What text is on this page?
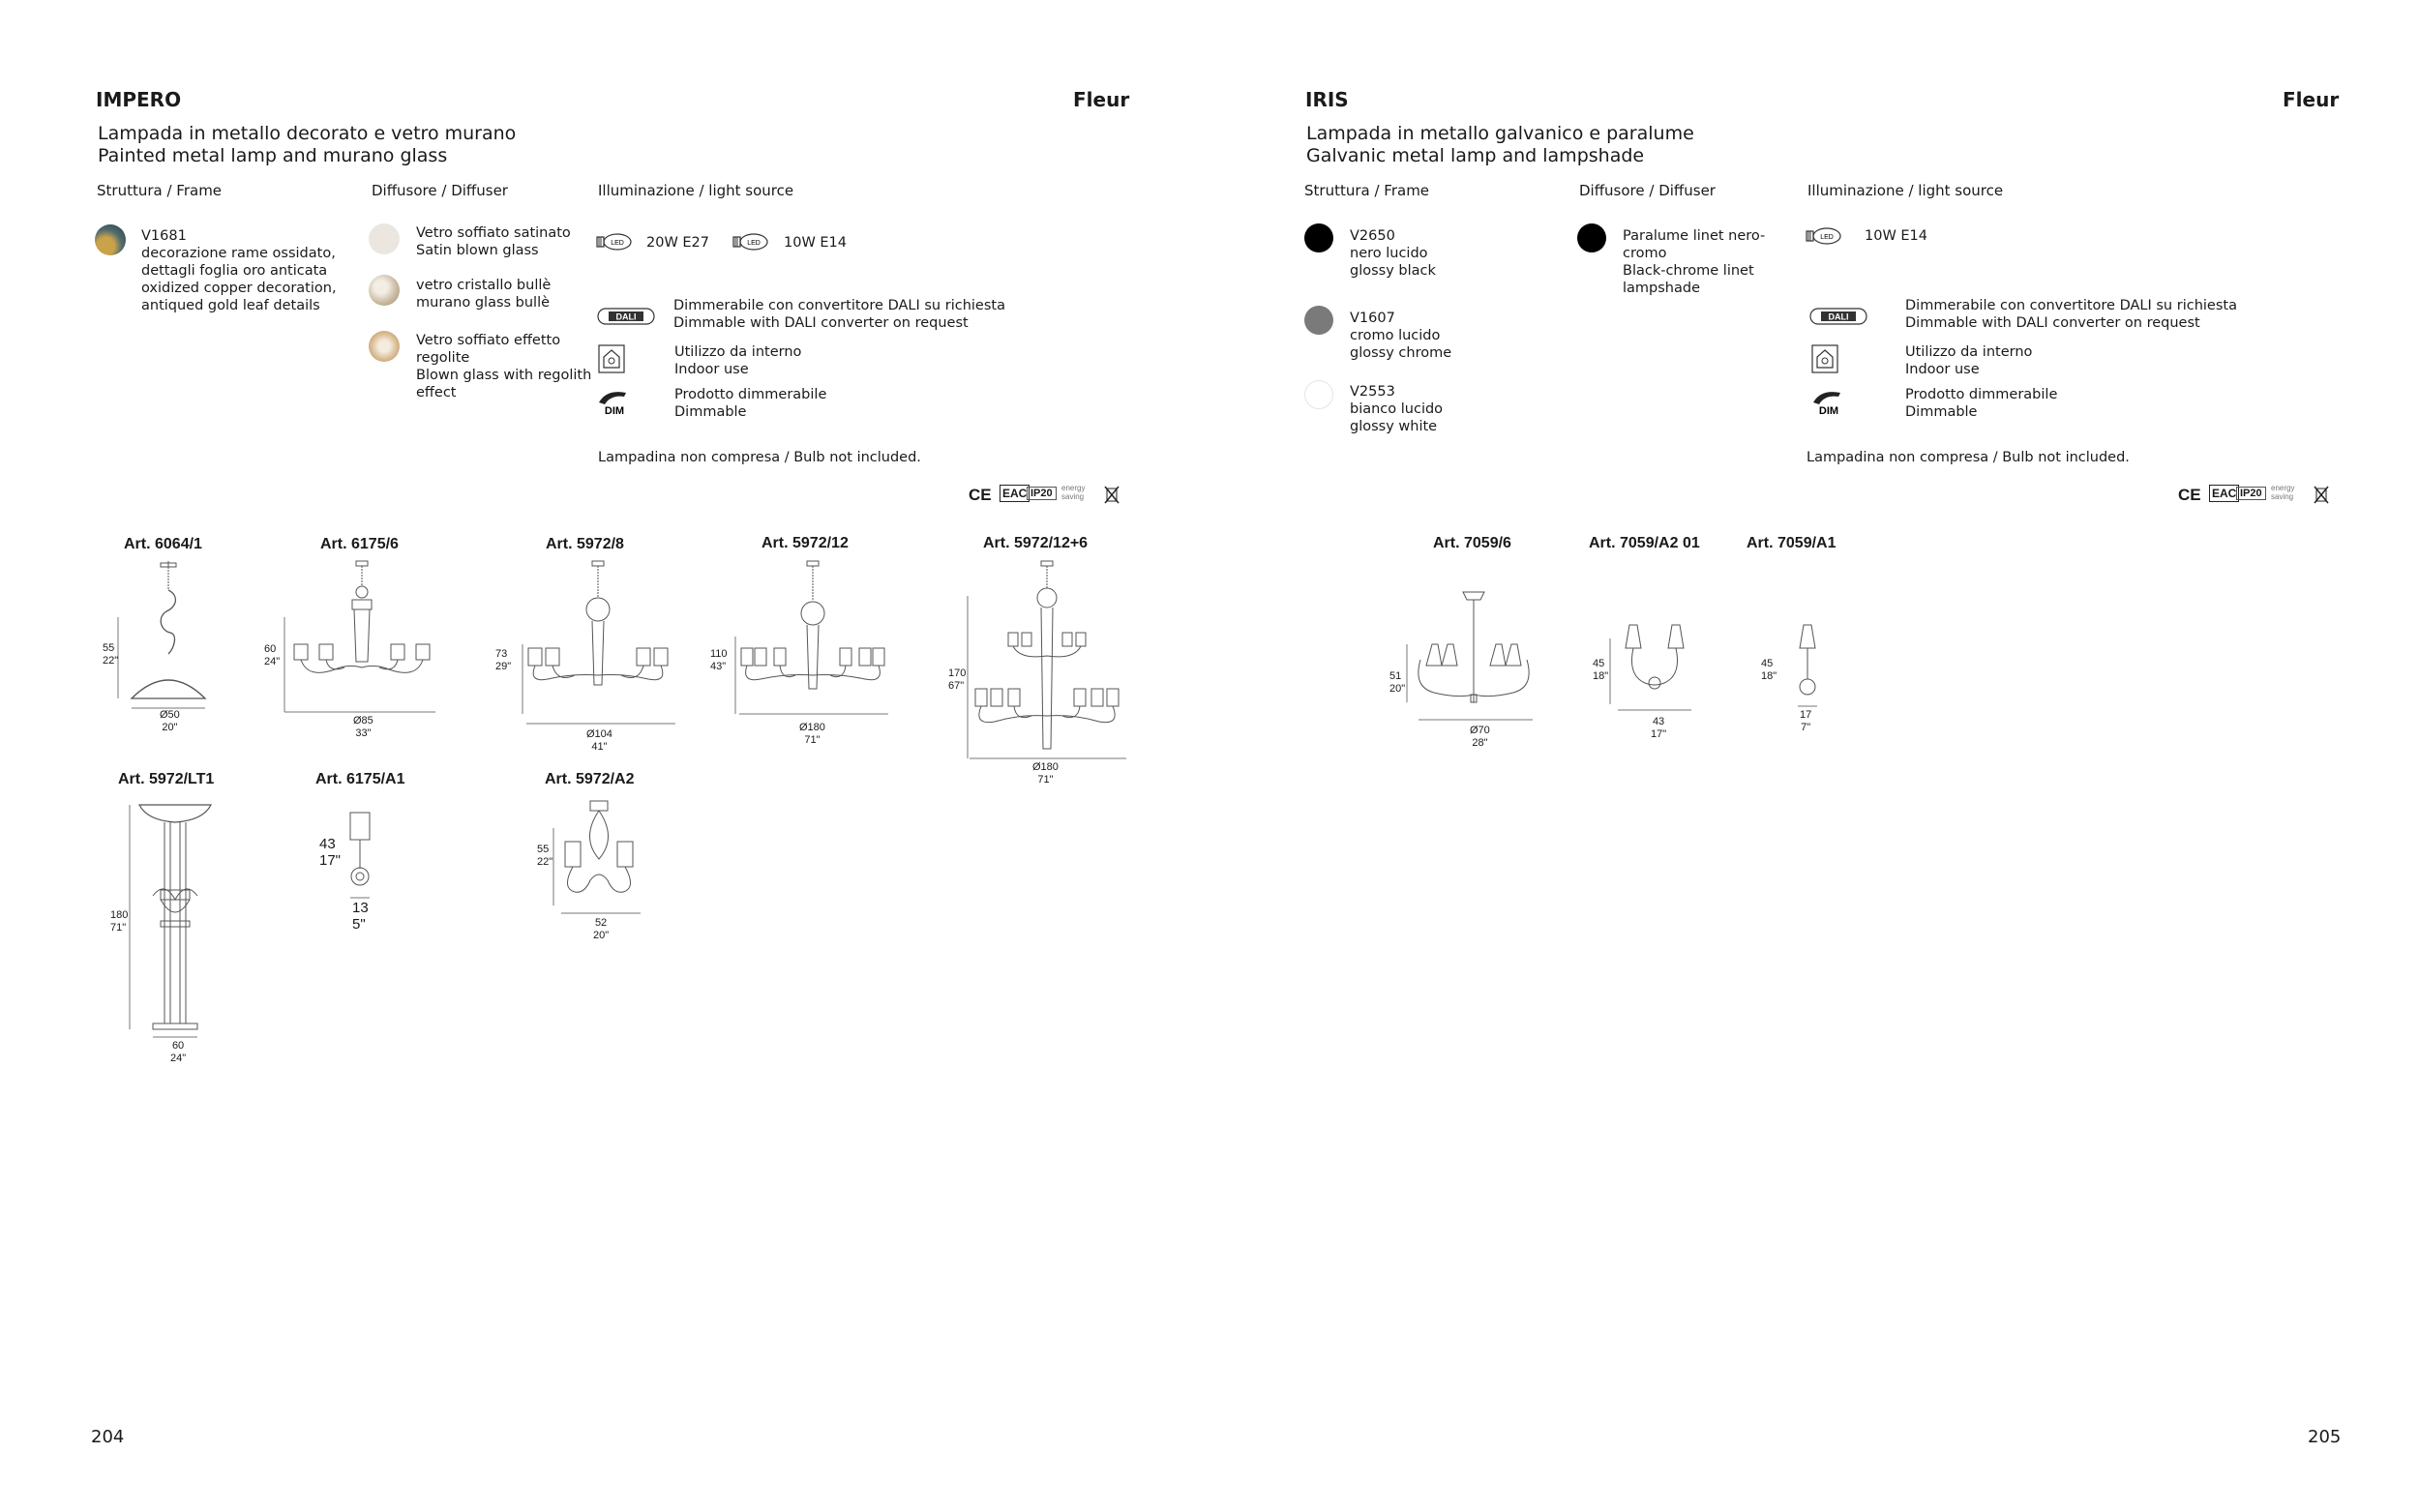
IMPERO	Fleur
Lampada in metallo decorato e vetro murano
Painted metal lamp and murano glass
Struttura / Frame	Diffusore / Diffuser	Illuminazione / light source
V1681
decorazione rame ossidato,
dettagli foglia oro anticata
oxidized copper decoration,
antiqued gold leaf details
Vetro soffiato satinato
Satin blown glass
vetro cristallo bullè
murano glass bullè
Vetro soffiato effetto
regolite
Blown glass with regolith
effect
LED 20W E27	LED 10W E14
DALI
Dimmerabile con convertitore DALI su richiesta
Dimmable with DALI converter on request
Utilizzo da interno
Indoor use
DIM
Prodotto dimmerabile
Dimmable
Lampadina non compresa / Bulb not included.
CE EAC IP20	energy saving
Art. 6064/1	Art. 6175/6	Art. 5972/8	Art. 5972/12	Art. 5972/12+6
Art. 5972/LT1	Art. 6175/A1	Art. 5972/A2
55
22"
Ø50
20"
60
24"
Ø85
33"
73
29"
Ø104
41"
110
43"
Ø180
71"
170
67"
Ø180
71"
180
71"
60
24"
43
17"
13
5"
55
22"
52
20"
204
IRIS	Fleur
Lampada in metallo galvanico e paralume
Galvanic metal lamp and lampshade
Struttura / Frame	Diffusore / Diffuser	Illuminazione / light source
V2650
nero lucido
glossy black
V1607
cromo lucido
glossy chrome
V2553
bianco lucido
glossy white
Paralume linet nero-
cromo
Black-chrome linet
lampshade
LED 10W E14
DALI
Dimmerabile con convertitore DALI su richiesta
Dimmable with DALI converter on request
Utilizzo da interno
Indoor use
DIM
Prodotto dimmerabile
Dimmable
Lampadina non compresa / Bulb not included.
CE EAC IP20	energy saving
Art. 7059/6	Art. 7059/A2 01	Art. 7059/A1
51
20"
Ø70
28"
45
18"
43
17"
45
18"
17
7"
205
